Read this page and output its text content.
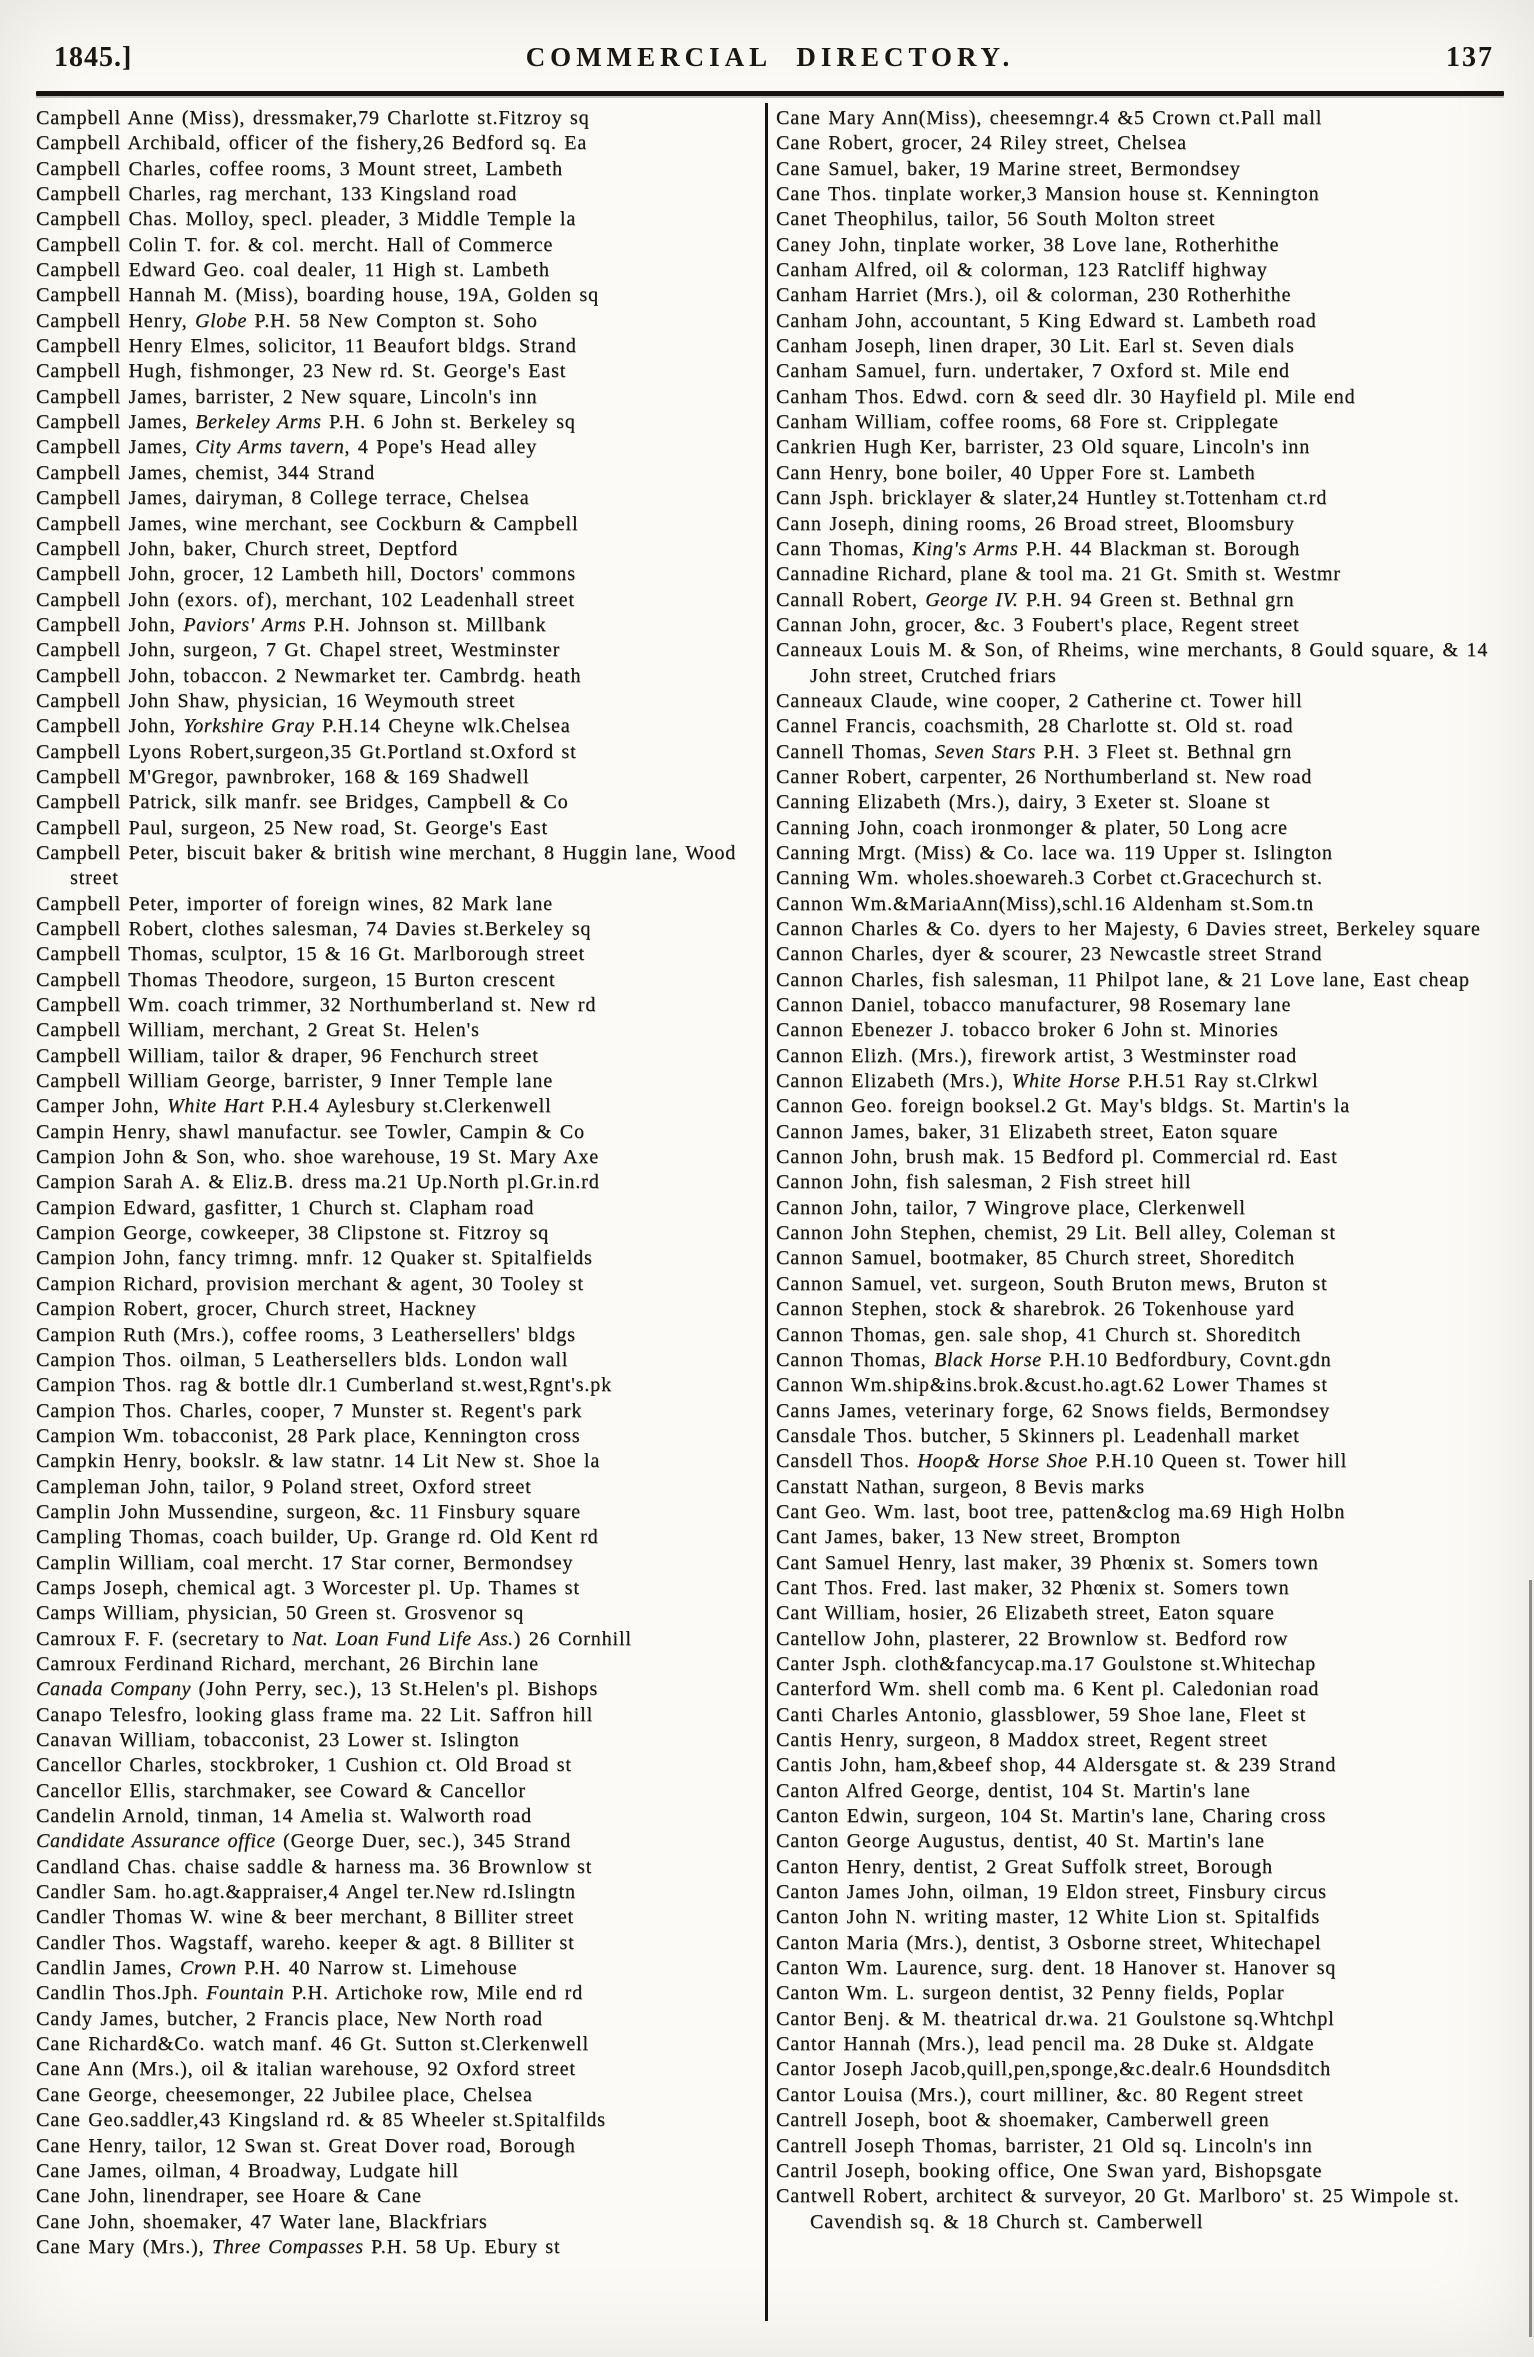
1845.]	COMMERCIAL DIRECTORY.	137
Campbell Anne (Miss), dressmaker,79 Charlotte st.Fitzroy sq
Campbell Archibald, officer of the fishery,26 Bedford sq. Ea
Campbell Charles, coffee rooms, 3 Mount street, Lambeth
Campbell Charles, rag merchant, 133 Kingsland road
Campbell Chas. Molloy, specl. pleader, 3 Middle Temple la
Campbell Colin T. for. & col. mercht. Hall of Commerce
Campbell Edward Geo. coal dealer, 11 High st. Lambeth
Campbell Hannah M. (Miss), boarding house, 19A, Golden sq
Campbell Henry, Globe P.H. 58 New Compton st. Soho
Campbell Henry Elmes, solicitor, 11 Beaufort bldgs. Strand
Campbell Hugh, fishmonger, 23 New rd. St. George's East
Campbell James, barrister, 2 New square, Lincoln's inn
Campbell James, Berkeley Arms P.H. 6 John st. Berkeley sq
Campbell James, City Arms tavern, 4 Pope's Head alley
Campbell James, chemist, 344 Strand
Campbell James, dairyman, 8 College terrace, Chelsea
Campbell James, wine merchant, see Cockburn & Campbell
Campbell John, baker, Church street, Deptford
Campbell John, grocer, 12 Lambeth hill, Doctors' commons
Campbell John (exors. of), merchant, 102 Leadenhall street
Campbell John, Paviors' Arms P.H. Johnson st. Millbank
Campbell John, surgeon, 7 Gt. Chapel street, Westminster
Campbell John, tobaccon. 2 Newmarket ter. Cambrdg. heath
Campbell John Shaw, physician, 16 Weymouth street
Campbell John, Yorkshire Gray P.H.14 Cheyne wlk.Chelsea
Campbell Lyons Robert,surgeon,35 Gt.Portland st.Oxford st
Campbell M'Gregor, pawnbroker, 168 & 169 Shadwell
Campbell Patrick, silk manfr. see Bridges, Campbell & Co
Campbell Paul, surgeon, 25 New road, St. George's East
Campbell Peter, biscuit baker & british wine merchant, 8 Huggin lane, Wood street
Campbell Peter, importer of foreign wines, 82 Mark lane
Campbell Robert, clothes salesman, 74 Davies st.Berkeley sq
Campbell Thomas, sculptor, 15 & 16 Gt. Marlborough street
Campbell Thomas Theodore, surgeon, 15 Burton crescent
Campbell Wm. coach trimmer, 32 Northumberland st. New rd
Campbell William, merchant, 2 Great St. Helen's
Campbell William, tailor & draper, 96 Fenchurch street
Campbell William George, barrister, 9 Inner Temple lane
Camper John, White Hart P.H.4 Aylesbury st.Clerkenwell
Campin Henry, shawl manufactur. see Towler, Campin & Co
Campion John & Son, who. shoe warehouse, 19 St. Mary Axe
Campion Sarah A. & Eliz.B. dress ma.21 Up.North pl.Gr.in.rd
Campion Edward, gasfitter, 1 Church st. Clapham road
Campion George, cowkeeper, 38 Clipstone st. Fitzroy sq
Campion John, fancy trimng. mnfr. 12 Quaker st. Spitalfields
Campion Richard, provision merchant & agent, 30 Tooley st
Campion Robert, grocer, Church street, Hackney
Campion Ruth (Mrs.), coffee rooms, 3 Leathersellers' bldgs
Campion Thos. oilman, 5 Leathersellers blds. London wall
Campion Thos. rag & bottle dlr.1 Cumberland st.west,Rgnt's.pk
Campion Thos. Charles, cooper, 7 Munster st. Regent's park
Campion Wm. tobacconist, 28 Park place, Kennington cross
Campkin Henry, bookslr. & law statnr. 14 Lit New st. Shoe la
Campleman John, tailor, 9 Poland street, Oxford street
Camplin John Mussendine, surgeon, &c. 11 Finsbury square
Campling Thomas, coach builder, Up. Grange rd. Old Kent rd
Camplin William, coal mercht. 17 Star corner, Bermondsey
Camps Joseph, chemical agt. 3 Worcester pl. Up. Thames st
Camps William, physician, 50 Green st. Grosvenor sq
Camroux F. F. (secretary to Nat. Loan Fund Life Ass.) 26 Cornhill
Camroux Ferdinand Richard, merchant, 26 Birchin lane
Canada Company (John Perry, sec.), 13 St.Helen's pl. Bishops
Canapo Telesfro, looking glass frame ma. 22 Lit. Saffron hill
Canavan William, tobacconist, 23 Lower st. Islington
Cancellor Charles, stockbroker, 1 Cushion ct. Old Broad st
Cancellor Ellis, starchmaker, see Coward & Cancellor
Candelin Arnold, tinman, 14 Amelia st. Walworth road
Candidate Assurance office (George Duer, sec.), 345 Strand
Candland Chas. chaise saddle & harness ma. 36 Brownlow st
Candler Sam. ho.agt.&appraiser,4 Angel ter.New rd.Islingtn
Candler Thomas W. wine & beer merchant, 8 Billiter street
Candler Thos. Wagstaff, wareho. keeper & agt. 8 Billiter st
Candlin James, Crown P.H. 40 Narrow st. Limehouse
Candlin Thos.Jph. Fountain P.H. Artichoke row, Mile end rd
Candy James, butcher, 2 Francis place, New North road
Cane Richard&Co. watch manf. 46 Gt. Sutton st.Clerkenwell
Cane Ann (Mrs.), oil & italian warehouse, 92 Oxford street
Cane George, cheesemonger, 22 Jubilee place, Chelsea
Cane Geo.saddler,43 Kingsland rd. & 85 Wheeler st.Spitalfilds
Cane Henry, tailor, 12 Swan st. Great Dover road, Borough
Cane James, oilman, 4 Broadway, Ludgate hill
Cane John, linendraper, see Hoare & Cane
Cane John, shoemaker, 47 Water lane, Blackfriars
Cane Mary (Mrs.), Three Compasses P.H. 58 Up. Ebury st
Cane Mary Ann(Miss), cheesemngr.4 &5 Crown ct.Pall mall
Cane Robert, grocer, 24 Riley street, Chelsea
Cane Samuel, baker, 19 Marine street, Bermondsey
Cane Thos. tinplate worker,3 Mansion house st. Kennington
Canet Theophilus, tailor, 56 South Molton street
Caney John, tinplate worker, 38 Love lane, Rotherhithe
Canham Alfred, oil & colorman, 123 Ratcliff highway
Canham Harriet (Mrs.), oil & colorman, 230 Rotherhithe
Canham John, accountant, 5 King Edward st. Lambeth road
Canham Joseph, linen draper, 30 Lit. Earl st. Seven dials
Canham Samuel, furn. undertaker, 7 Oxford st. Mile end
Canham Thos. Edwd. corn & seed dlr. 30 Hayfield pl. Mile end
Canham William, coffee rooms, 68 Fore st. Cripplegate
Cankrien Hugh Ker, barrister, 23 Old square, Lincoln's inn
Cann Henry, bone boiler, 40 Upper Fore st. Lambeth
Cann Jsph. bricklayer & slater,24 Huntley st.Tottenham ct.rd
Cann Joseph, dining rooms, 26 Broad street, Bloomsbury
Cann Thomas, King's Arms P.H. 44 Blackman st. Borough
Cannadine Richard, plane & tool ma. 21 Gt. Smith st. Westmr
Cannall Robert, George IV. P.H. 94 Green st. Bethnal grn
Cannan John, grocer, &c. 3 Foubert's place, Regent street
Canneaux Louis M. & Son, of Rheims, wine merchants, 8 Gould square, & 14 John street, Crutched friars
Canneaux Claude, wine cooper, 2 Catherine ct. Tower hill
Cannel Francis, coachsmith, 28 Charlotte st. Old st. road
Cannell Thomas, Seven Stars P.H. 3 Fleet st. Bethnal grn
Canner Robert, carpenter, 26 Northumberland st. New road
Canning Elizabeth (Mrs.), dairy, 3 Exeter st. Sloane st
Canning John, coach ironmonger & plater, 50 Long acre
Canning Mrgt. (Miss) & Co. lace wa. 119 Upper st. Islington
Canning Wm. wholes.shoewareh.3 Corbet ct.Gracechurch st.
Cannon Wm.&MariaAnn(Miss),schl.16 Aldenham st.Som.tn
Cannon Charles & Co. dyers to her Majesty, 6 Davies street, Berkeley square
Cannon Charles, dyer & scourer, 23 Newcastle street Strand
Cannon Charles, fish salesman, 11 Philpot lane, & 21 Love lane, East cheap
Cannon Daniel, tobacco manufacturer, 98 Rosemary lane
Cannon Ebenezer J. tobacco broker 6 John st. Minories
Cannon Elizh. (Mrs.), firework artist, 3 Westminster road
Cannon Elizabeth (Mrs.), White Horse P.H.51 Ray st.Clrkwl
Cannon Geo. foreign booksel.2 Gt. May's bldgs. St. Martin's la
Cannon James, baker, 31 Elizabeth street, Eaton square
Cannon John, brush mak. 15 Bedford pl. Commercial rd. East
Cannon John, fish salesman, 2 Fish street hill
Cannon John, tailor, 7 Wingrove place, Clerkenwell
Cannon John Stephen, chemist, 29 Lit. Bell alley, Coleman st
Cannon Samuel, bootmaker, 85 Church street, Shoreditch
Cannon Samuel, vet. surgeon, South Bruton mews, Bruton st
Cannon Stephen, stock & sharebrok. 26 Tokenhouse yard
Cannon Thomas, gen. sale shop, 41 Church st. Shoreditch
Cannon Thomas, Black Horse P.H.10 Bedfordbury, Covnt.gdn
Cannon Wm.ship&ins.brok.&cust.ho.agt.62 Lower Thames st
Canns James, veterinary forge, 62 Snows fields, Bermondsey
Cansdale Thos. butcher, 5 Skinners pl. Leadenhall market
Cansdell Thos. Hoop& Horse Shoe P.H.10 Queen st. Tower hill
Canstatt Nathan, surgeon, 8 Bevis marks
Cant Geo. Wm. last, boot tree, patten&clog ma.69 High Holbn
Cant James, baker, 13 New street, Brompton
Cant Samuel Henry, last maker, 39 Phœnix st. Somers town
Cant Thos. Fred. last maker, 32 Phœnix st. Somers town
Cant William, hosier, 26 Elizabeth street, Eaton square
Cantellow John, plasterer, 22 Brownlow st. Bedford row
Canter Jsph. cloth&fancycap.ma.17 Goulstone st.Whitechap
Canterford Wm. shell comb ma. 6 Kent pl. Caledonian road
Canti Charles Antonio, glassblower, 59 Shoe lane, Fleet st
Cantis Henry, surgeon, 8 Maddox street, Regent street
Cantis John, ham,&beef shop, 44 Aldersgate st. & 239 Strand
Canton Alfred George, dentist, 104 St. Martin's lane
Canton Edwin, surgeon, 104 St. Martin's lane, Charing cross
Canton George Augustus, dentist, 40 St. Martin's lane
Canton Henry, dentist, 2 Great Suffolk street, Borough
Canton James John, oilman, 19 Eldon street, Finsbury circus
Canton John N. writing master, 12 White Lion st. Spitalfids
Canton Maria (Mrs.), dentist, 3 Osborne street, Whitechapel
Canton Wm. Laurence, surg. dent. 18 Hanover st. Hanover sq
Canton Wm. L. surgeon dentist, 32 Penny fields, Poplar
Cantor Benj. & M. theatrical dr.wa. 21 Goulstone sq.Whtchpl
Cantor Hannah (Mrs.), lead pencil ma. 28 Duke st. Aldgate
Cantor Joseph Jacob,quill,pen,sponge,&c.dealr.6 Houndsditch
Cantor Louisa (Mrs.), court milliner, &c. 80 Regent street
Cantrell Joseph, boot & shoemaker, Camberwell green
Cantrell Joseph Thomas, barrister, 21 Old sq. Lincoln's inn
Cantril Joseph, booking office, One Swan yard, Bishopsgate
Cantwell Robert, architect & surveyor, 20 Gt. Marlboro' st. 25 Wimpole st. Cavendish sq. & 18 Church st. Camberwell
